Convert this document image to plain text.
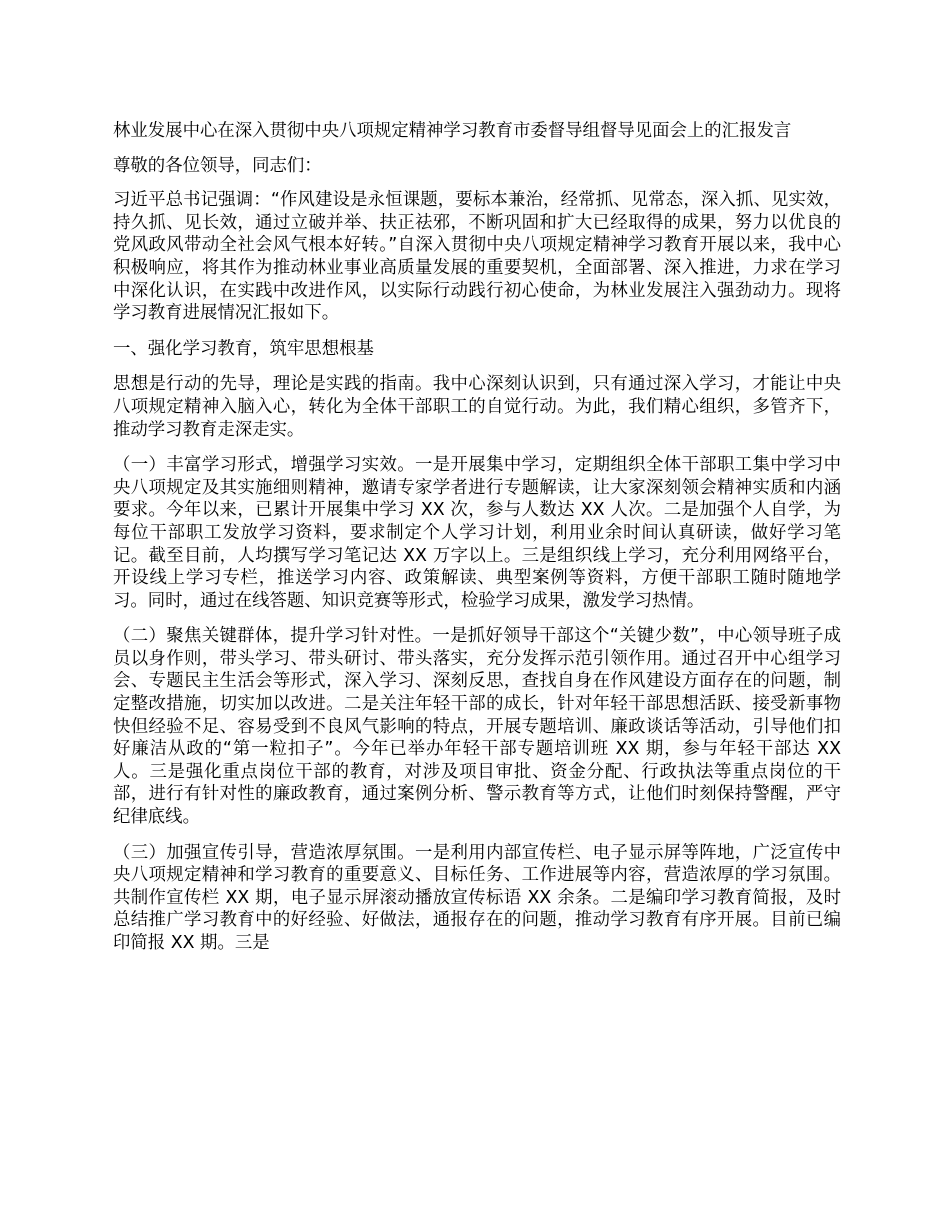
林业发展中心在深入贯彻中央八项规定精神学习教育市委督导组督导见面会上的汇报发言

尊敬的各位领导，同志们：

习近平总书记强调：“作风建设是永恒课题，要标本兼治，经常抓、见常态，深入抓、见实效，持久抓、见长效，通过立破并举、扶正祛邪，不断巩固和扩大已经取得的成果，努力以优良的党风政风带动全社会风气根本好转。”自深入贯彻中央八项规定精神学习教育开展以来，我中心积极响应，将其作为推动林业事业高质量发展的重要契机，全面部署、深入推进，力求在学习中深化认识，在实践中改进作风，以实际行动践行初心使命，为林业发展注入强劲动力。现将学习教育进展情况汇报如下。

一、强化学习教育，筑牢思想根基

思想是行动的先导，理论是实践的指南。我中心深刻认识到，只有通过深入学习，才能让中央八项规定精神入脑入心，转化为全体干部职工的自觉行动。为此，我们精心组织，多管齐下，推动学习教育走深走实。

（一）丰富学习形式，增强学习实效。一是开展集中学习，定期组织全体干部职工集中学习中央八项规定及其实施细则精神，邀请专家学者进行专题解读，让大家深刻领会精神实质和内涵要求。今年以来，已累计开展集中学习 XX 次，参与人数达 XX 人次。二是加强个人自学，为每位干部职工发放学习资料，要求制定个人学习计划，利用业余时间认真研读，做好学习笔记。截至目前，人均撰写学习笔记达 XX 万字以上。三是组织线上学习，充分利用网络平台，开设线上学习专栏，推送学习内容、政策解读、典型案例等资料，方便干部职工随时随地学习。同时，通过在线答题、知识竞赛等形式，检验学习成果，激发学习热情。

（二）聚焦关键群体，提升学习针对性。一是抓好领导干部这个“关键少数”，中心领导班子成员以身作则，带头学习、带头研讨、带头落实，充分发挥示范引领作用。通过召开中心组学习会、专题民主生活会等形式，深入学习、深刻反思，查找自身在作风建设方面存在的问题，制定整改措施，切实加以改进。二是关注年轻干部的成长，针对年轻干部思想活跃、接受新事物快但经验不足、容易受到不良风气影响的特点，开展专题培训、廉政谈话等活动，引导他们扣好廉洁从政的“第一粒扣子”。今年已举办年轻干部专题培训班 XX 期，参与年轻干部达 XX 人。三是强化重点岗位干部的教育，对涉及项目审批、资金分配、行政执法等重点岗位的干部，进行有针对性的廉政教育，通过案例分析、警示教育等方式，让他们时刻保持警醒，严守纪律底线。

（三）加强宣传引导，营造浓厚氛围。一是利用内部宣传栏、电子显示屏等阵地，广泛宣传中央八项规定精神和学习教育的重要意义、目标任务、工作进展等内容，营造浓厚的学习氛围。共制作宣传栏 XX 期，电子显示屏滚动播放宣传标语 XX 余条。二是编印学习教育简报，及时总结推广学习教育中的好经验、好做法，通报存在的问题，推动学习教育有序开展。目前已编印简报 XX 期。三是
